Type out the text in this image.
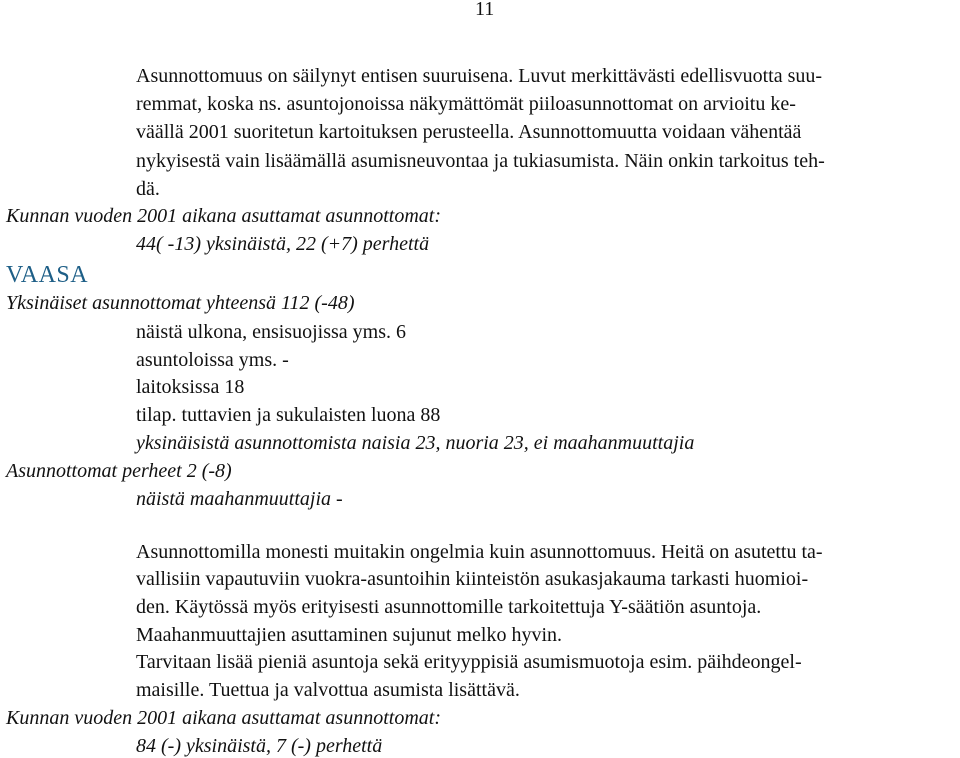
11
Asunnottomuus on säilynyt entisen suuruisena. Luvut merkittävästi edellisvuotta suu-
remmat, koska ns. asuntojonoissa näkymättömät piiloasunnottomat on arvioitu ke-
väällä 2001 suoritetun kartoituksen perusteella. Asunnottomuutta voidaan vähentää
nykyisestä vain lisäämällä asumisneuvontaa ja tukiasumista. Näin onkin tarkoitus teh-
dä.
Kunnan vuoden 2001 aikana asuttamat asunnottomat:
44( -13) yksinäistä, 22 (+7) perhettä
VAASA
Yksinäiset asunnottomat yhteensä 112 (-48)
näistä ulkona, ensisuojissa yms. 6
asuntoloissa yms. -
laitoksissa 18
tilap. tuttavien ja sukulaisten luona 88
yksinäisistä asunnottomista naisia 23, nuoria 23, ei maahanmuuttajia
Asunnottomat perheet 2 (-8)
näistä maahanmuuttajia -
Asunnottomilla monesti muitakin ongelmia kuin asunnottomuus. Heitä on asutettu ta-
vallisiin vapautuviin vuokra-asuntoihin kiinteistön asukasjakauma tarkasti huomioi-
den. Käytössä myös erityisesti asunnottomille tarkoitettuja Y-säätiön asuntoja.
Maahanmuuttajien asuttaminen sujunut melko hyvin.
Tarvitaan lisää pieniä asuntoja sekä erityyppisiä asumismuotoja esim. päihdeongel-
maisille. Tuettua ja valvottua asumista lisättävä.
Kunnan vuoden 2001 aikana asuttamat asunnottomat:
84 (-) yksinäistä, 7 (-) perhettä
